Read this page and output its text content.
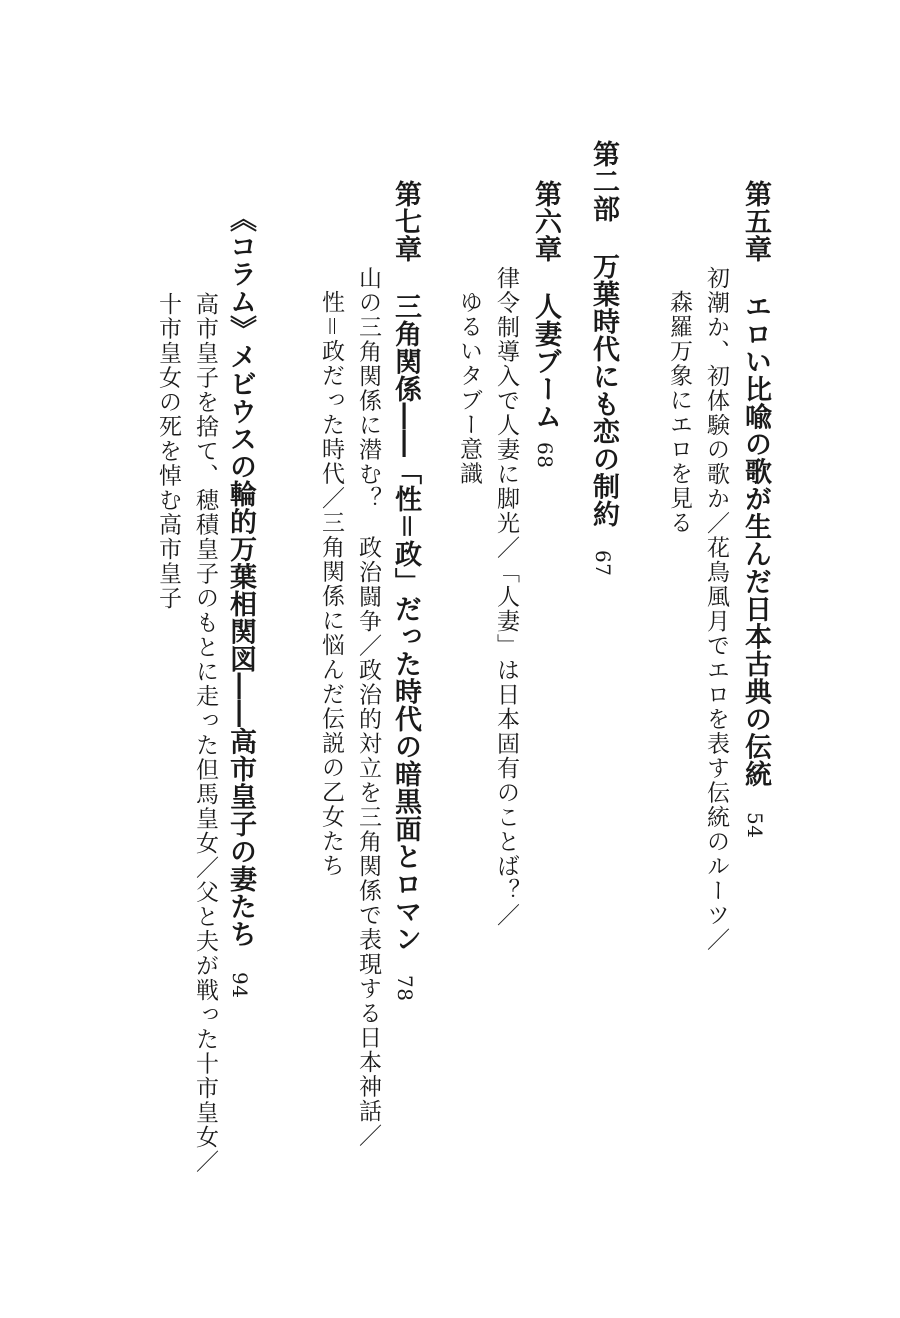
第五章エロい比喩の歌が生んだ日本古典の伝統54
初潮か、初体験の歌か／花鳥風月でエロを表す伝統のルーツ／
森羅万象にエロを見る
第二部万葉時代にも恋の制約67
第六章人妻ブーム68
律令制導入で人妻に脚光／「人妻」は日本固有のことば？／
ゆるいタブー意識
第七章三角関係――「性＝政」だった時代の暗黒面とロマン78
山の三角関係に潜む？　政治闘争／政治的対立を三角関係で表現する日本神話／
性＝政だった時代／三角関係に悩んだ伝説の乙女たち
《コラム》メビウスの輪的万葉相関図――高市皇子の妻たち94
高市皇子を捨て、穂積皇子のもとに走った但馬皇女／父と夫が戦った十市皇女／
十市皇女の死を悼む高市皇子
